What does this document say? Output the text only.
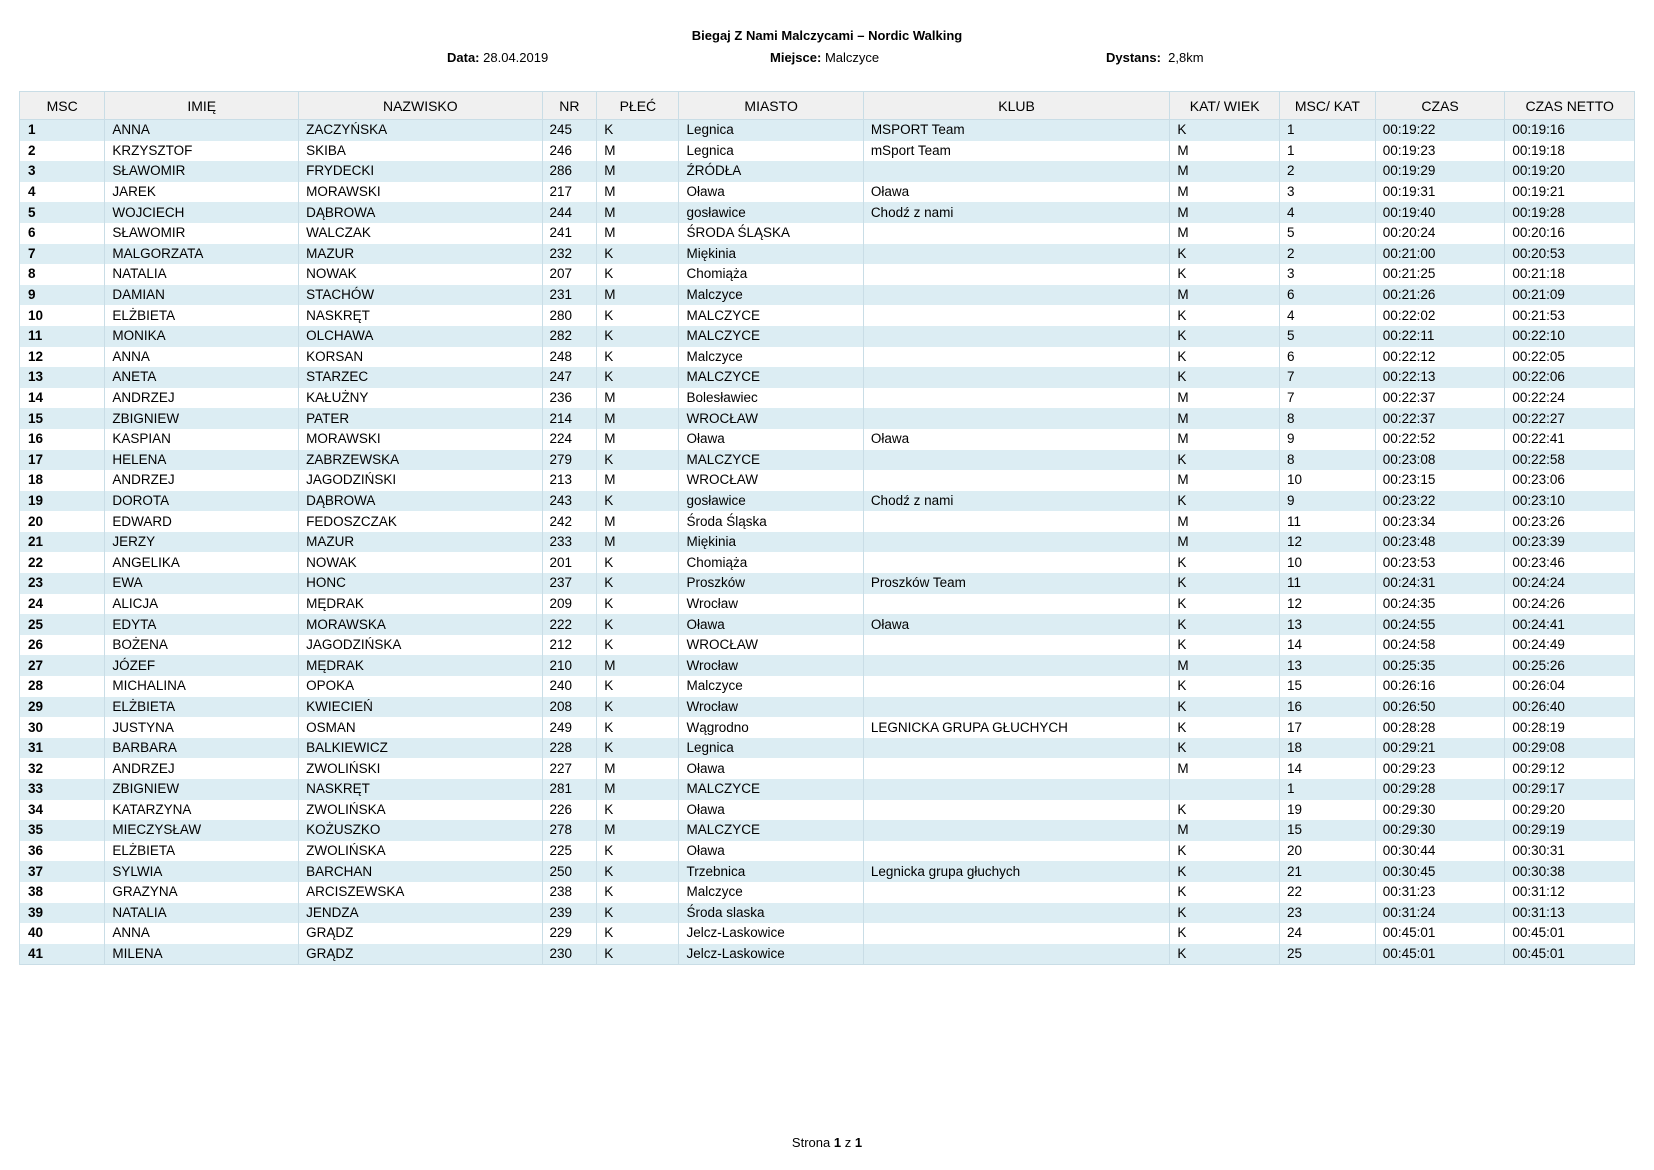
Biegaj Z Nami Malczycami – Nordic Walking
Data: 28.04.2019	Miejsce: Malczyce	Dystans: 2,8km
MSC	IMIĘ	NAZWISKO	NR	PŁEĆ	MIASTO	KLUB	KAT/ WIEK	MSC/ KAT	CZAS	CZAS NETTO
1	ANNA	ZACZYŃSKA	245	K	Legnica	MSPORT Team	K	1	00:19:22	00:19:16
2	KRZYSZTOF	SKIBA	246	M	Legnica	mSport Team	M	1	00:19:23	00:19:18
3	SŁAWOMIR	FRYDECKI	286	M	ŹRÓDŁA		M	2	00:19:29	00:19:20
4	JAREK	MORAWSKI	217	M	Oława	Oława	M	3	00:19:31	00:19:21
5	WOJCIECH	DĄBROWA	244	M	gosławice	Chodź z nami	M	4	00:19:40	00:19:28
6	SŁAWOMIR	WALCZAK	241	M	ŚRODA ŚLĄSKA		M	5	00:20:24	00:20:16
7	MALGORZATA	MAZUR	232	K	Miękinia		K	2	00:21:00	00:20:53
8	NATALIA	NOWAK	207	K	Chomiąża		K	3	00:21:25	00:21:18
9	DAMIAN	STACHÓW	231	M	Malczyce		M	6	00:21:26	00:21:09
10	ELŻBIETA	NASKRĘT	280	K	MALCZYCE		K	4	00:22:02	00:21:53
11	MONIKA	OLCHAWA	282	K	MALCZYCE		K	5	00:22:11	00:22:10
12	ANNA	KORSAN	248	K	Malczyce		K	6	00:22:12	00:22:05
13	ANETA	STARZEC	247	K	MALCZYCE		K	7	00:22:13	00:22:06
14	ANDRZEJ	KAŁUŻNY	236	M	Bolesławiec		M	7	00:22:37	00:22:24
15	ZBIGNIEW	PATER	214	M	WROCŁAW		M	8	00:22:37	00:22:27
16	KASPIAN	MORAWSKI	224	M	Oława	Oława	M	9	00:22:52	00:22:41
17	HELENA	ZABRZEWSKA	279	K	MALCZYCE		K	8	00:23:08	00:22:58
18	ANDRZEJ	JAGODZIŃSKI	213	M	WROCŁAW		M	10	00:23:15	00:23:06
19	DOROTA	DĄBROWA	243	K	gosławice	Chodź z nami	K	9	00:23:22	00:23:10
20	EDWARD	FEDOSZCZAK	242	M	Środa Śląska		M	11	00:23:34	00:23:26
21	JERZY	MAZUR	233	M	Miękinia		M	12	00:23:48	00:23:39
22	ANGELIKA	NOWAK	201	K	Chomiąża		K	10	00:23:53	00:23:46
23	EWA	HONC	237	K	Proszków	Proszków Team	K	11	00:24:31	00:24:24
24	ALICJA	MĘDRAK	209	K	Wrocław		K	12	00:24:35	00:24:26
25	EDYTA	MORAWSKA	222	K	Oława	Oława	K	13	00:24:55	00:24:41
26	BOŻENA	JAGODZIŃSKA	212	K	WROCŁAW		K	14	00:24:58	00:24:49
27	JÓZEF	MĘDRAK	210	M	Wrocław		M	13	00:25:35	00:25:26
28	MICHALINA	OPOKA	240	K	Malczyce		K	15	00:26:16	00:26:04
29	ELŻBIETA	KWIECIEŃ	208	K	Wrocław		K	16	00:26:50	00:26:40
30	JUSTYNA	OSMAN	249	K	Wągrodno	LEGNICKA GRUPA GŁUCHYCH	K	17	00:28:28	00:28:19
31	BARBARA	BALKIEWICZ	228	K	Legnica		K	18	00:29:21	00:29:08
32	ANDRZEJ	ZWOLIŃSKI	227	M	Oława		M	14	00:29:23	00:29:12
33	ZBIGNIEW	NASKRĘT	281	M	MALCZYCE			1	00:29:28	00:29:17
34	KATARZYNA	ZWOLIŃSKA	226	K	Oława		K	19	00:29:30	00:29:20
35	MIECZYSŁAW	KOŻUSZKO	278	M	MALCZYCE		M	15	00:29:30	00:29:19
36	ELŻBIETA	ZWOLIŃSKA	225	K	Oława		K	20	00:30:44	00:30:31
37	SYLWIA	BARCHAN	250	K	Trzebnica	Legnicka grupa głuchych	K	21	00:30:45	00:30:38
38	GRAZYNA	ARCISZEWSKA	238	K	Malczyce		K	22	00:31:23	00:31:12
39	NATALIA	JENDZA	239	K	Środa slaska		K	23	00:31:24	00:31:13
40	ANNA	GRĄDZ	229	K	Jelcz-Laskowice		K	24	00:45:01	00:45:01
41	MILENA	GRĄDZ	230	K	Jelcz-Laskowice		K	25	00:45:01	00:45:01
Strona 1 z 1
